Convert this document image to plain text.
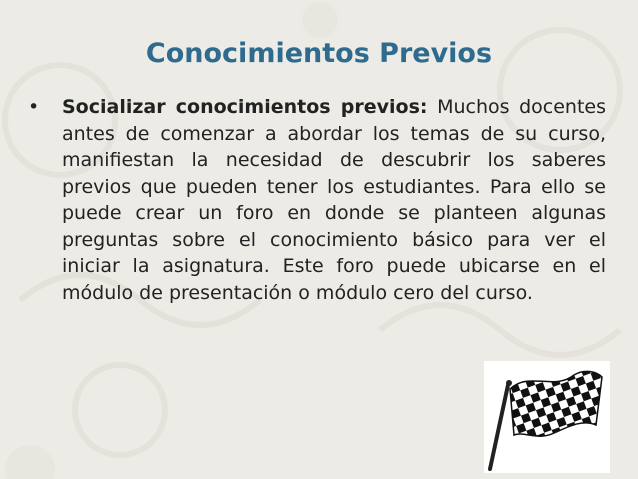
Conocimientos Previos
• Socializar conocimientos previos: Muchos docentes antes de comenzar a abordar los temas de su curso, manifiestan la necesidad de descubrir los saberes previos que pueden tener los estudiantes. Para ello se puede crear un foro en donde se planteen algunas preguntas sobre el conocimiento básico para ver el iniciar la asignatura. Este foro puede ubicarse en el módulo de presentación o módulo cero del curso.
